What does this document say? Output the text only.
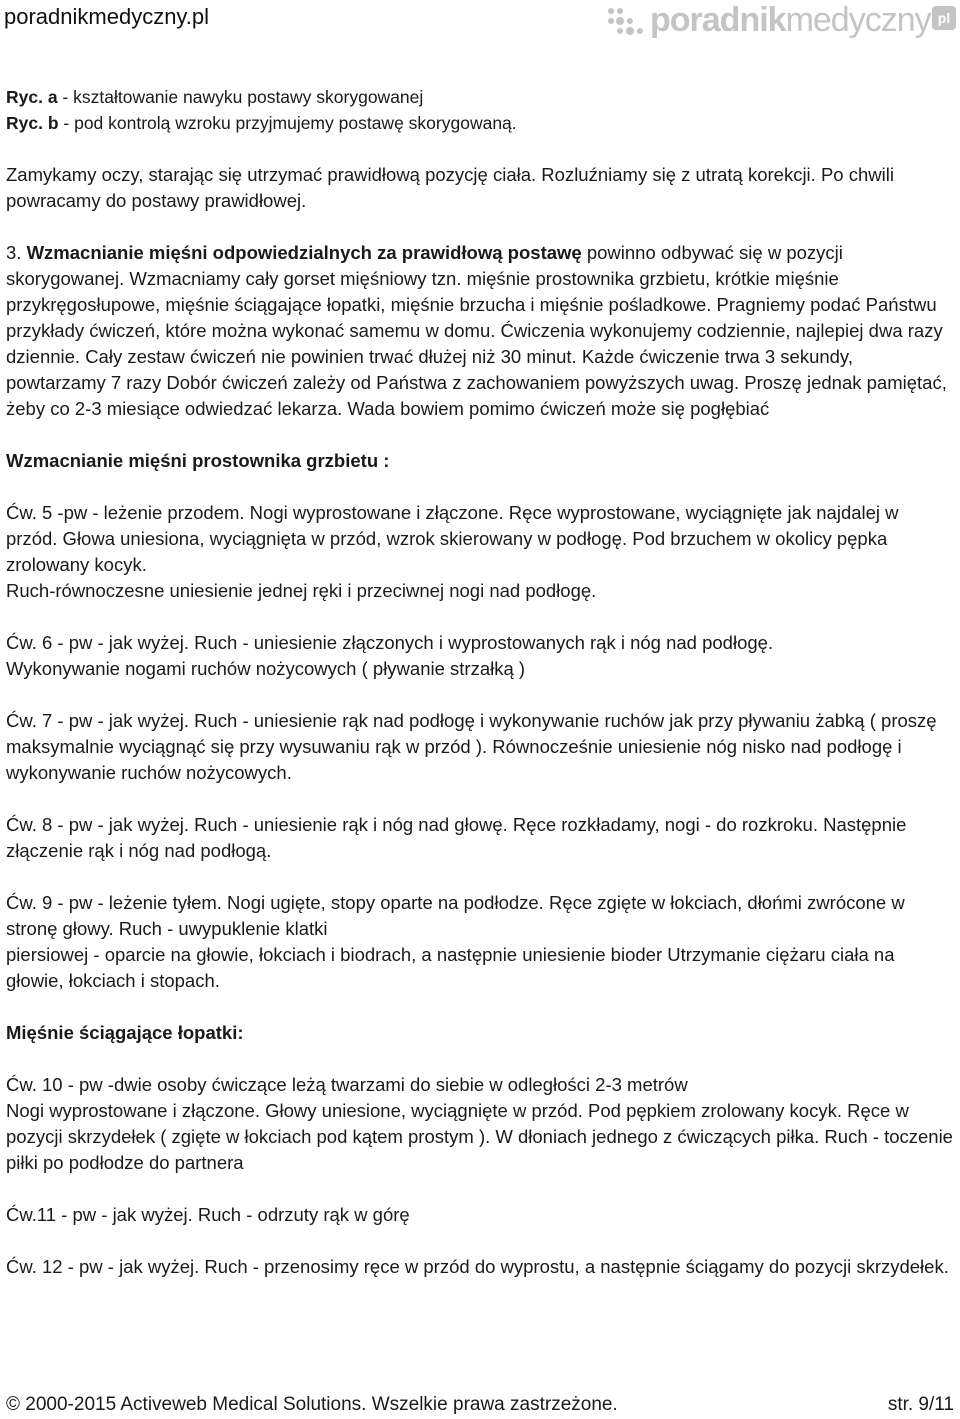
poradnikmedyczny.pl	poradnikmedyczny pl

Ryc. a - kształtowanie nawyku postawy skorygowanej

Ryc. b - pod kontrolą wzroku przyjmujemy postawę skorygowaną.

Zamykamy oczy, starając się utrzymać prawidłową pozycję ciała. Rozluźniamy się z utratą korekcji. Po chwili powracamy do postawy prawidłowej.

3. Wzmacnianie mięśni odpowiedzialnych za prawidłową postawę powinno odbywać się w pozycji skorygowanej. Wzmacniamy cały gorset mięśniowy tzn. mięśnie prostownika grzbietu, krótkie mięśnie przykręgosłupowe, mięśnie ściągające łopatki, mięśnie brzucha i mięśnie pośladkowe. Pragniemy podać Państwu przykłady ćwiczeń, które można wykonać samemu w domu. Ćwiczenia wykonujemy codziennie, najlepiej dwa razy dziennie. Cały zestaw ćwiczeń nie powinien trwać dłużej niż 30 minut. Każde ćwiczenie trwa 3 sekundy, powtarzamy 7 razy Dobór ćwiczeń zależy od Państwa z zachowaniem powyższych uwag. Proszę jednak pamiętać, żeby co 2-3 miesiące odwiedzać lekarza. Wada bowiem pomimo ćwiczeń może się pogłębiać

Wzmacnianie mięśni prostownika grzbietu :

Ćw. 5 -pw - leżenie przodem. Nogi wyprostowane i złączone. Ręce wyprostowane, wyciągnięte jak najdalej w przód. Głowa uniesiona, wyciągnięta w przód, wzrok skierowany w podłogę. Pod brzuchem w okolicy pępka zrolowany kocyk.

Ruch-równoczesne uniesienie jednej ręki i przeciwnej nogi nad podłogę.

Ćw. 6 - pw - jak wyżej. Ruch - uniesienie złączonych i wyprostowanych rąk i nóg nad podłogę.

Wykonywanie nogami ruchów nożycowych ( pływanie strzałką )

Ćw. 7 - pw - jak wyżej. Ruch - uniesienie rąk nad podłogę i wykonywanie ruchów jak przy pływaniu żabką ( proszę maksymalnie wyciągnąć się przy wysuwaniu rąk w przód ). Równocześnie uniesienie nóg nisko nad podłogę i wykonywanie ruchów nożycowych.

Ćw. 8 - pw - jak wyżej. Ruch - uniesienie rąk i nóg nad głowę. Ręce rozkładamy, nogi - do rozkroku. Następnie złączenie rąk i nóg nad podłogą.

Ćw. 9 - pw - leżenie tyłem. Nogi ugięte, stopy oparte na podłodze. Ręce zgięte w łokciach, dłońmi zwrócone w stronę głowy. Ruch - uwypuklenie klatki

piersiowej - oparcie na głowie, łokciach i biodrach, a następnie uniesienie bioder Utrzymanie ciężaru ciała na głowie, łokciach i stopach.

Mięśnie ściągające łopatki:

Ćw. 10 - pw -dwie osoby ćwiczące leżą twarzami do siebie w odległości 2-3 metrów

Nogi wyprostowane i złączone. Głowy uniesione, wyciągnięte w przód. Pod pępkiem zrolowany kocyk. Ręce w pozycji skrzydełek ( zgięte w łokciach pod kątem prostym ). W dłoniach jednego z ćwiczących piłka. Ruch - toczenie piłki po podłodze do partnera

Ćw.11 - pw - jak wyżej. Ruch - odrzuty rąk w górę

Ćw. 12 - pw - jak wyżej. Ruch - przenosimy ręce w przód do wyprostu, a następnie ściągamy do pozycji skrzydełek.

© 2000-2015 Activeweb Medical Solutions. Wszelkie prawa zastrzeżone.	str. 9/11
